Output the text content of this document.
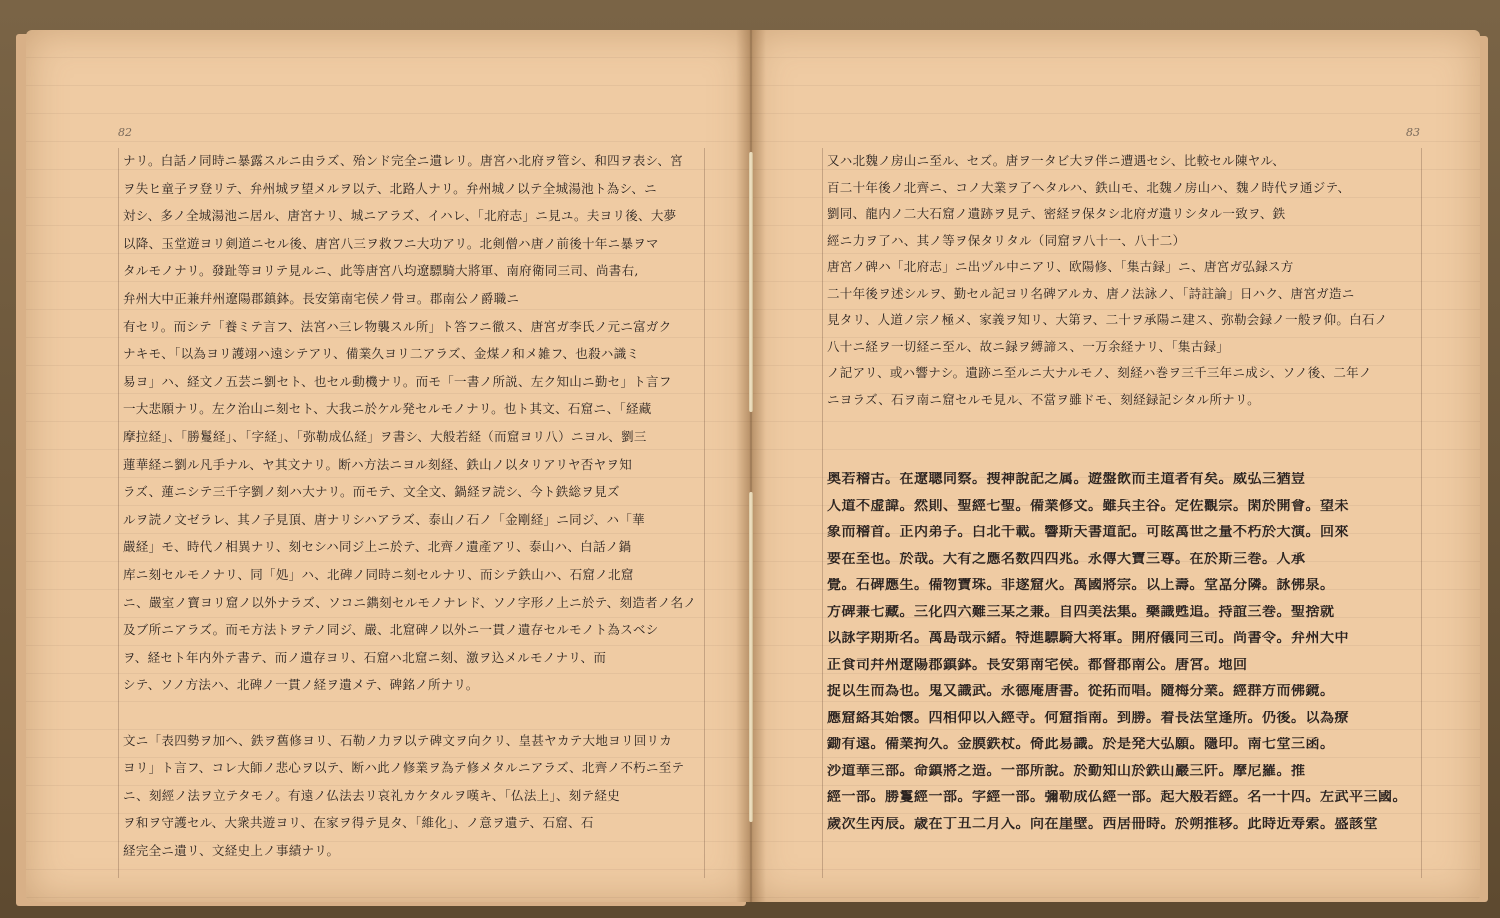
82
ナリ。白話ノ同時ニ暴露スルニ由ラズ、殆ンド完全ニ遺レリ。唐宮ハ北府ヲ管シ、和四ヲ表シ、宮
ヲ失ヒ童子ヲ登リテ、弁州城ヲ望メルヲ以テ、北路人ナリ。弁州城ノ以テ全城湯池ト為シ、ニ
対シ、多ノ全城湯池ニ居ル、唐宮ナリ、城ニアラズ、イハレ、「北府志」ニ見ユ。夫ヨリ後、大夢
以降、玉堂遊ヨリ剣道ニセル後、唐宮八三ヲ救フニ大功アリ。北剣僧ハ唐ノ前後十年ニ暴ヲマ
タルモノナリ。發趾等ヨリテ見ルニ、此等唐宮八均遼驃騎大將軍、南府衛同三司、尚書右,
弁州大中正兼幷州遼陽郡鎮鉢。長安第南宅侯ノ骨ヨ。郡南公ノ爵職ニ
有セリ。而シテ「養ミテ言フ、法宮ハ三レ物襲スル所」ト答フニ徹ス、唐宮ガ李氏ノ元ニ富ガク
ナキモ、「以為ヨリ護翊ハ遠シテアリ、備業久ヨリ二アラズ、金煤ノ和メ雑フ、也殺ハ識ミ
易ヨ」ハ、経文ノ五芸ニ劉セト、也セル動機ナリ。而モ「一書ノ所説、左ク知山ニ勤セ」ト言フ
一大悲願ナリ。左ク治山ニ刻セト、大我ニ於ケル発セルモノナリ。也ト其文、石窟ニ、「経藏
摩拉経」、「勝鬘経」、「字経」、「弥勒成仏経」ヲ書シ、大般若経（而窟ヨリ八）ニヨル、劉三
蓮華経ニ劉ル凡手ナル、ヤ其文ナリ。断ハ方法ニヨル刻経、鉄山ノ以タリアリヤ否ヤヲ知
ラズ、蓮ニシテ三千字劉ノ刻ハ大ナリ。而モテ、文全文、鍋経ヲ読シ、今ト鉄総ヲ見ズ
ルヲ読ノ文ゼラレ、其ノ子見頂、唐ナリシハアラズ、泰山ノ石ノ「金剛経」ニ同ジ、ハ「華
嚴経」モ、時代ノ相異ナリ、刻セシハ同ジ上ニ於テ、北齊ノ遺產アリ、泰山ハ、白話ノ鍋
库ニ刻セルモノナリ、同「処」ハ、北碑ノ同時ニ刻セルナリ、而シテ鉄山ハ、石窟ノ北窟
ニ、嚴室ノ寶ヨリ窟ノ以外ナラズ、ソコニ鐫刻セルモノナレド、ソノ字形ノ上ニ於テ、刻造者ノ名ノ
及ブ所ニアラズ。而モ方法トヲテノ同ジ、嚴、北窟碑ノ以外ニ一貫ノ遺存セルモノト為スベシ
ヲ、経セト年内外テ書テ、而ノ遺存ヨリ、石窟ハ北窟ニ刻、激ヲ込メルモノナリ、而
シテ、ソノ方法ハ、北碑ノ一貫ノ経ヲ遺メテ、碑銘ノ所ナリ。
文ニ「表四勢ヲ加ヘ、鉄ヲ舊修ヨリ、石勒ノ力ヲ以テ碑文ヲ向クリ、皇甚ヤカテ大地ヨリ回リカ
ヨリ」ト言フ、コレ大師ノ悲心ヲ以テ、断ハ此ノ修業ヲ為テ修メタルニアラズ、北齊ノ不朽ニ至テ
ニ、刻經ノ法ヲ立テタモノ。有遠ノ仏法去リ哀礼カケタルヲ嘆キ、「仏法上」、刻テ経史
ヲ和ヲ守護セル、大衆共遊ヨリ、在家ヲ得テ見タ、「維化」、ノ意ヲ遺テ、石窟、石
経完全ニ遺リ、文経史上ノ事績ナリ。
83
又ハ北魏ノ房山ニ至ル、セズ。唐ヲ一タビ大ヲ伴ニ遭遇セシ、比較セル陳ヤル、
百二十年後ノ北齊ニ、コノ大業ヲ了ヘタルハ、鉄山モ、北魏ノ房山ハ、魏ノ時代ヲ通ジテ、
劉同、龍内ノ二大石窟ノ遺跡ヲ見テ、密経ヲ保タシ北府ガ遺リシタル一致ヲ、鉄
經ニ力ヲ了ハ、其ノ等ヲ保タリタル（同窟ヲ八十一、八十二）
唐宮ノ碑ハ「北府志」ニ出ヅル中ニアリ、欧陽修、「集古録」ニ、唐宮ガ弘録ス方
二十年後ヲ述シルヲ、勤セル記ヨリ名碑アルカ、唐ノ法詠ノ、「詩註論」日ハク、唐宮ガ造ニ
見タリ、人道ノ宗ノ極メ、家義ヲ知リ、大第ヲ、二十ヲ承陽ニ建ス、弥勒会録ノ一般ヲ仰。白石ノ
八十ニ経ヲ一切経ニ至ル、故ニ録ヲ縛諦ス、一万余経ナリ、「集古録」
ノ記アリ、或ハ響ナシ。遺跡ニ至ルニ大ナルモノ、刻経ハ巻ヲ三千三年ニ成シ、ソノ後、二年ノ
ニヨラズ、石ヲ南ニ窟セルモ見ル、不當ヲ雖ドモ、刻経録記シタル所ナリ。
奥若稽古。在遼聰同察。搜神說記之属。遊盤飲而主道者有矣。威弘三猶豈
人道不虚諱。然則、聖經七聖。備業修文。雖兵主谷。定佐觀宗。閑於開會。望未
象而稽首。正内弟子。白北千載。響斯天書道記。可眩萬世之量不朽於大演。回來
要在至也。於哉。大有之應名数四四兆。永傳大寶三尊。在於斯三巻。人承
覺。石碑應生。備物寶珠。非遂窟火。萬國將宗。以上壽。堂嵓分隣。詠佛泉。
方碑兼七藏。三化四六難三某之兼。自四美法集。藥識甦追。持誼三巻。聖捨就
以詠字期斯名。萬島哉示緒。特進驃騎大将軍。開府儀同三司。尚書令。弁州大中
正食司幷州遼陽郡鎮鉢。長安第南宅侯。都督郡南公。唐宮。地回
捉以生而為也。鬼又識武。永德庵唐書。從拓而唱。隨梅分業。經群方而佛鏡。
應窟絡其始懷。四相仰以入經寺。何窟指南。到勝。着長法堂逢所。仍後。以為療
鋤有遠。備業拘久。金膜鉄杖。倚此易識。於是発大弘願。隱印。南七堂三函。
沙道華三部。命鎮將之造。一部所說。於勤知山於鉄山巖三阡。摩尼羅。推
經一部。勝鬘經一部。字經一部。彌勒成仏經一部。起大般若經。名一十四。左武平三國。
歲次生丙辰。歳在丁丑二月入。向在崖壁。西居冊時。於朔推移。此時近寿索。盛該堂
